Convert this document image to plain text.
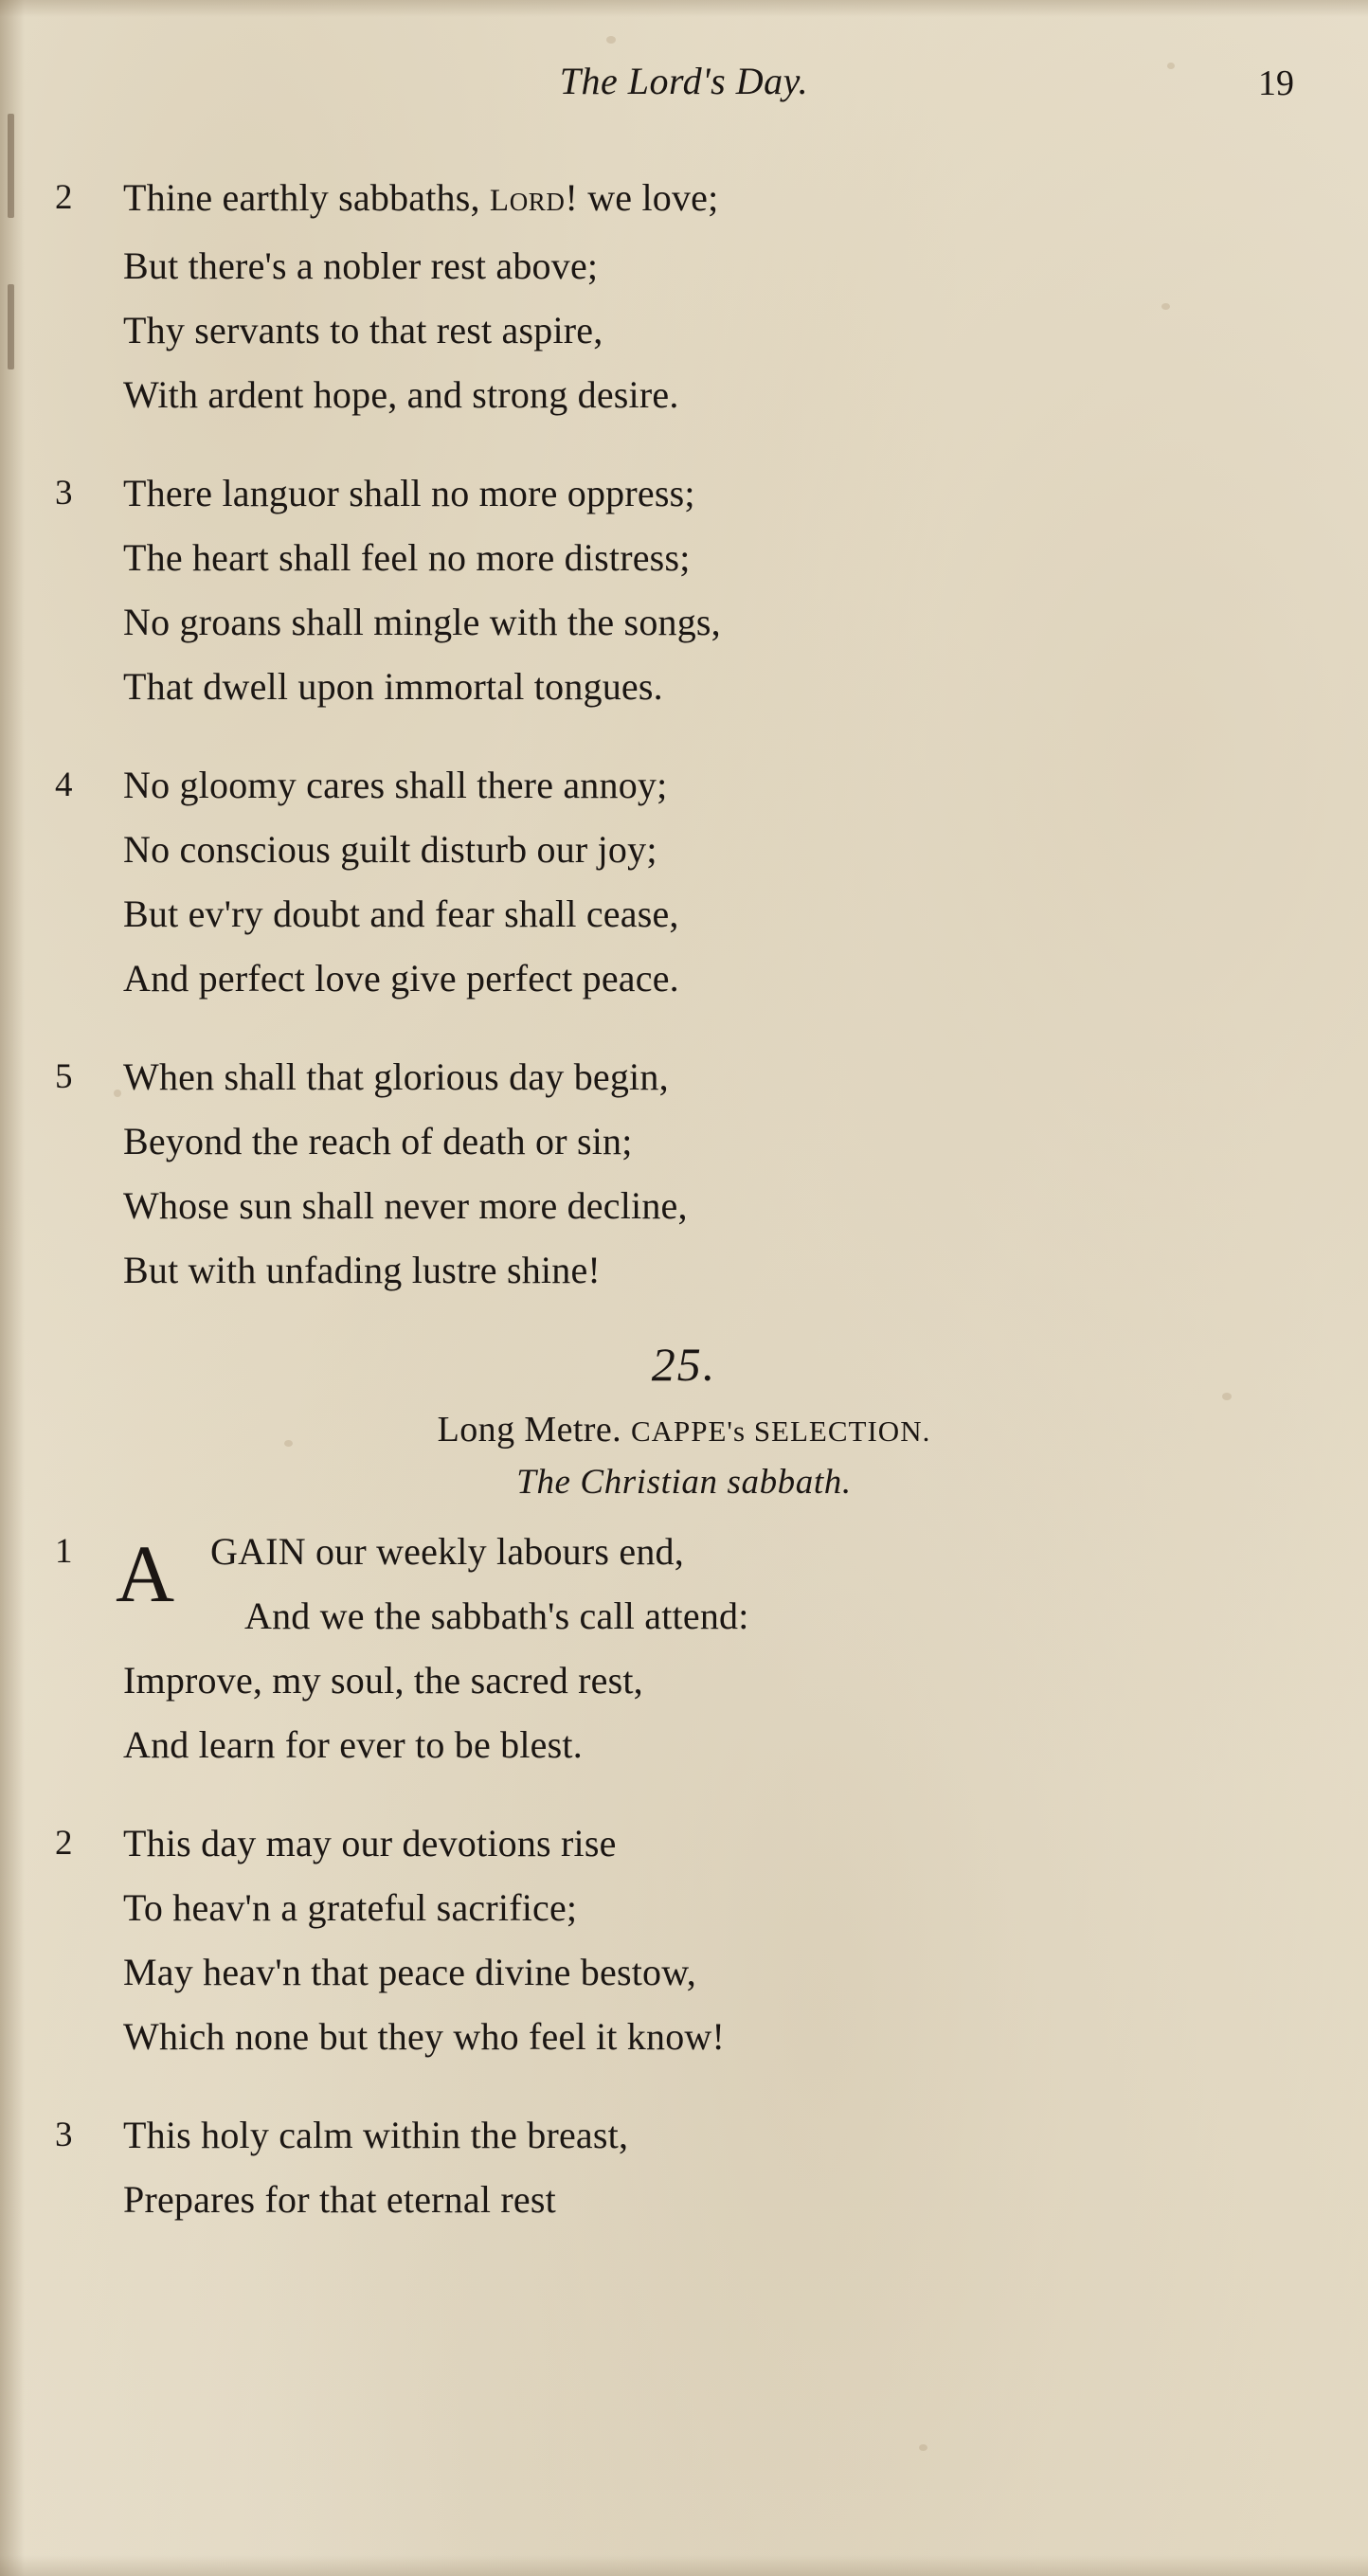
The Lord's Day.	19
2 Thine earthly sabbaths, LORD! we love;
But there's a nobler rest above;
Thy servants to that rest aspire,
With ardent hope, and strong desire.
3 There languor shall no more oppress;
The heart shall feel no more distress;
No groans shall mingle with the songs,
That dwell upon immortal tongues.
4 No gloomy cares shall there annoy;
No conscious guilt disturb our joy;
But ev'ry doubt and fear shall cease,
And perfect love give perfect peace.
5 When shall that glorious day begin,
Beyond the reach of death or sin;
Whose sun shall never more decline,
But with unfading lustre shine!
25.
Long Metre. CAPPE's SELECTION.
The Christian sabbath.
1 A GAIN our weekly labours end,
And we the sabbath's call attend:
Improve, my soul, the sacred rest,
And learn for ever to be blest.
2 This day may our devotions rise
To heav'n a grateful sacrifice;
May heav'n that peace divine bestow,
Which none but they who feel it know!
3 This holy calm within the breast,
Prepares for that eternal rest
